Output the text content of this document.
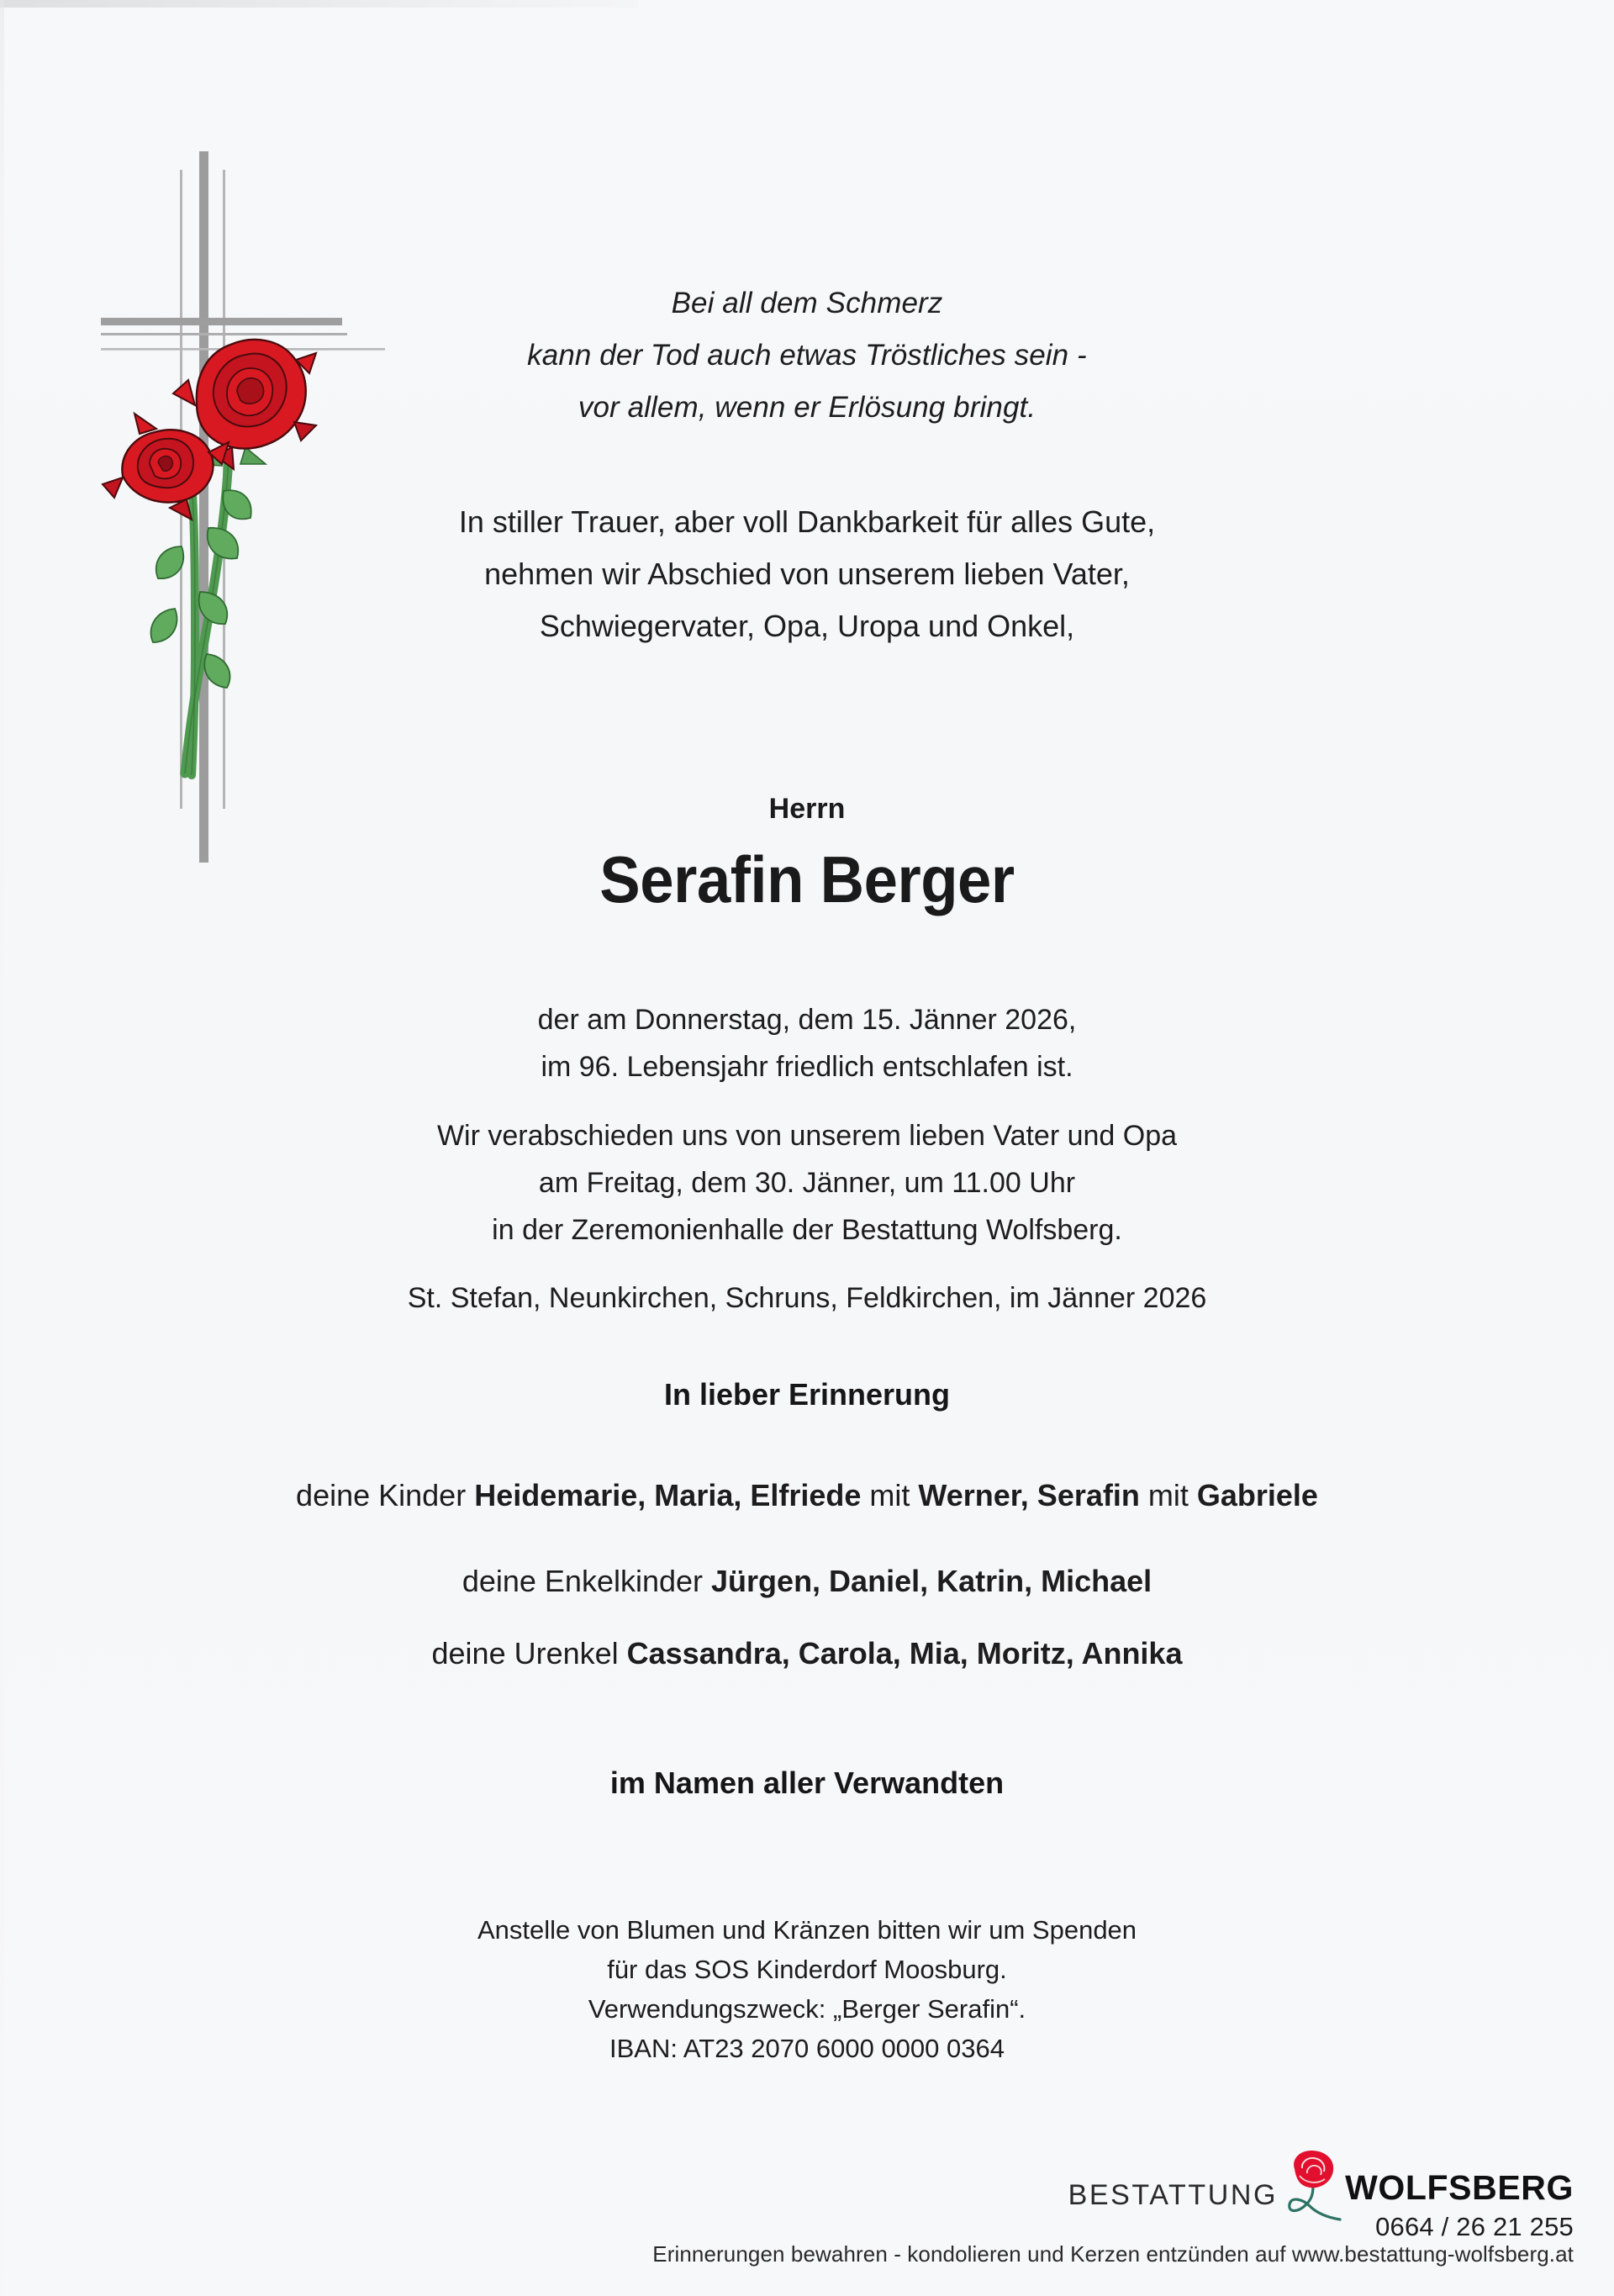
Bei all dem Schmerz
kann der Tod auch etwas Tröstliches sein -
vor allem, wenn er Erlösung bringt.
In stiller Trauer, aber voll Dankbarkeit für alles Gute,
nehmen wir Abschied von unserem lieben Vater,
Schwiegervater, Opa, Uropa und Onkel,
Herrn
Serafin Berger
der am Donnerstag, dem 15. Jänner 2026,
im 96. Lebensjahr friedlich entschlafen ist.
Wir verabschieden uns von unserem lieben Vater und Opa
am Freitag, dem 30. Jänner, um 11.00 Uhr
in der Zeremonienhalle der Bestattung Wolfsberg.
St. Stefan, Neunkirchen, Schruns, Feldkirchen, im Jänner 2026
In lieber Erinnerung
deine Kinder Heidemarie, Maria, Elfriede mit Werner, Serafin mit Gabriele
deine Enkelkinder Jürgen, Daniel, Katrin, Michael
deine Urenkel Cassandra, Carola, Mia, Moritz, Annika
im Namen aller Verwandten
Anstelle von Blumen und Kränzen bitten wir um Spenden
für das SOS Kinderdorf Moosburg.
Verwendungszweck: „Berger Serafin“.
IBAN: AT23 2070 6000 0000 0364
BESTATTUNG WOLFSBERG
0664 / 26 21 255
Erinnerungen bewahren - kondolieren und Kerzen entzünden auf www.bestattung-wolfsberg.at
